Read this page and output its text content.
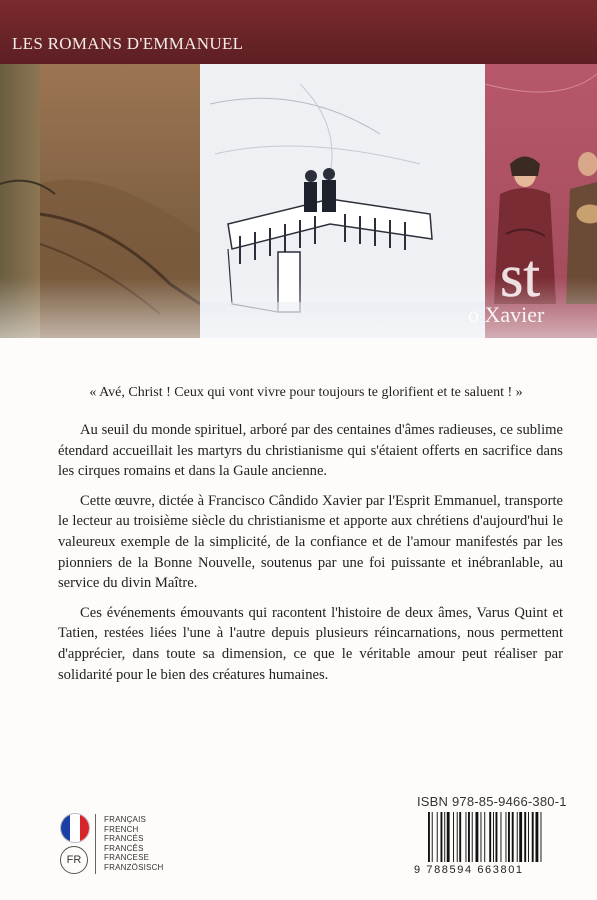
LES ROMANS D'EMMANUEL
« Avé, Christ ! Ceux qui vont vivre pour toujours te glorifient et te saluent ! »

Au seuil du monde spirituel, arboré par des centaines d'âmes radieuses, ce sublime étendard accueillait les martyrs du christianisme qui s'étaient offerts en sacrifice dans les cirques romains et dans la Gaule ancienne.

Cette œuvre, dictée à Francisco Cândido Xavier par l'Esprit Emmanuel, transporte le lecteur au troisième siècle du christianisme et apporte aux chrétiens d'aujourd'hui le valeureux exemple de la simplicité, de la confiance et de l'amour manifestés par les pionniers de la Bonne Nouvelle, soutenus par une foi puissante et inébranlable, au service du divin Maître.

Ces événements émouvants qui racontent l'histoire de deux âmes, Varus Quint et Tatien, restées liées l'une à l'autre depuis plusieurs réincarnations, nous permettent d'apprécier, dans toute sa dimension, ce que le véritable amour peut réaliser par solidarité pour le bien des créatures humaines.

FR
FRANÇAIS
FRENCH
FRANCÉS
FRANCÊS
FRANCESE
FRANZÖSISCH
ISBN 978-85-9466-380-1
9 788594 663801
